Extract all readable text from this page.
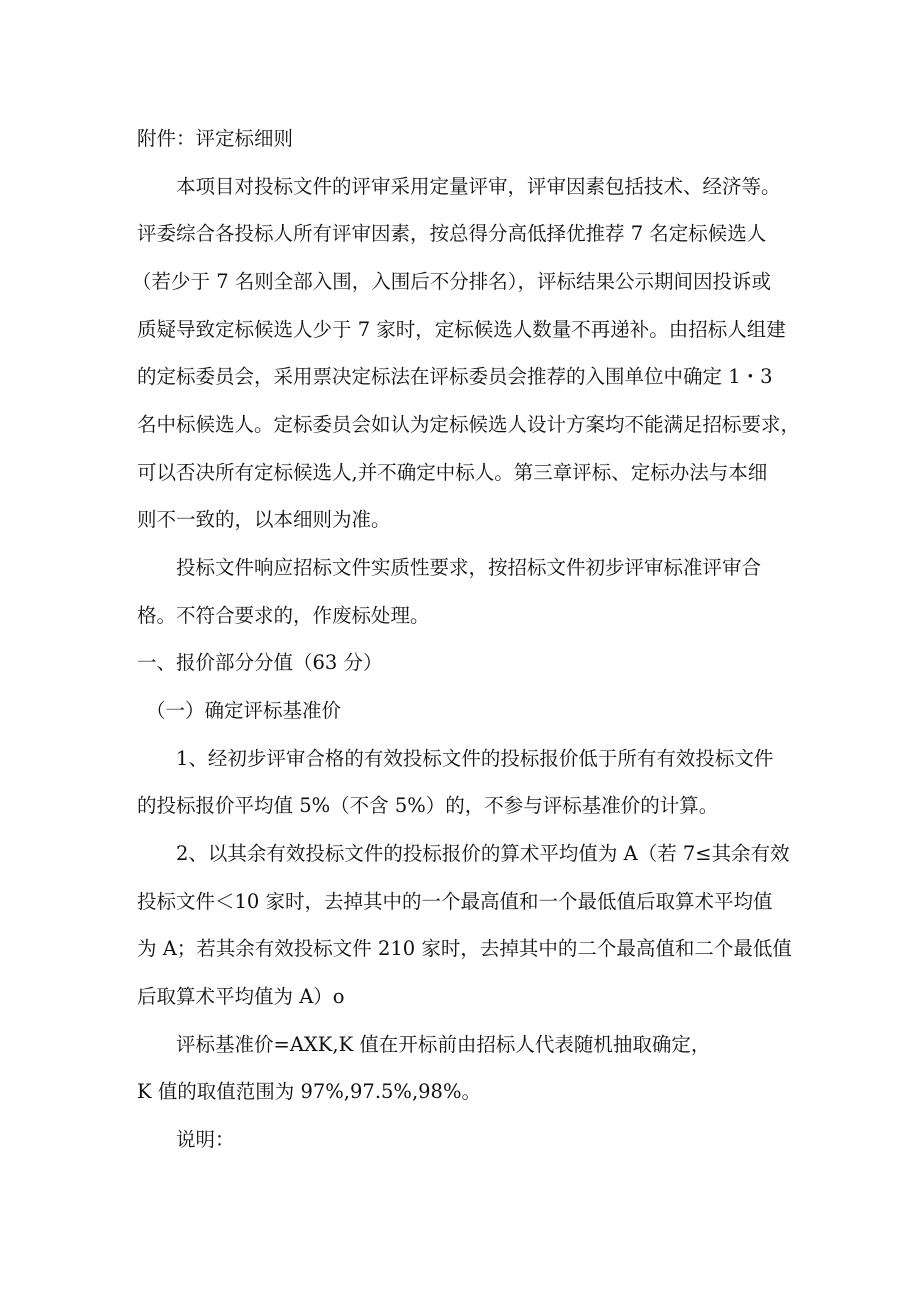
附件：评定标细则
本项目对投标文件的评审采用定量评审，评审因素包括技术、经济等。
评委综合各投标人所有评审因素，按总得分高低择优推荐 7 名定标候选人
（若少于 7 名则全部入围，入围后不分排名），评标结果公示期间因投诉或
质疑导致定标候选人少于 7 家时，定标候选人数量不再递补。由招标人组建
的定标委员会，采用票决定标法在评标委员会推荐的入围单位中确定 1・3
名中标候选人。定标委员会如认为定标候选人设计方案均不能满足招标要求，
可以否决所有定标候选人,并不确定中标人。第三章评标、定标办法与本细
则不一致的，以本细则为准。
投标文件响应招标文件实质性要求，按招标文件初步评审标准评审合
格。不符合要求的，作废标处理。
一、报价部分分值（63 分）
（一）确定评标基准价
1、经初步评审合格的有效投标文件的投标报价低于所有有效投标文件
的投标报价平均值 5%（不含 5%）的，不参与评标基准价的计算。
2、以其余有效投标文件的投标报价的算术平均值为 A（若 7≤其余有效
投标文件＜10 家时，去掉其中的一个最高值和一个最低值后取算术平均值
为 A；若其余有效投标文件 210 家时，去掉其中的二个最高值和二个最低值
后取算术平均值为 A）o
评标基准价=AXK,K 值在开标前由招标人代表随机抽取确定，
K 值的取值范围为 97%,97.5%,98%。
说明：
